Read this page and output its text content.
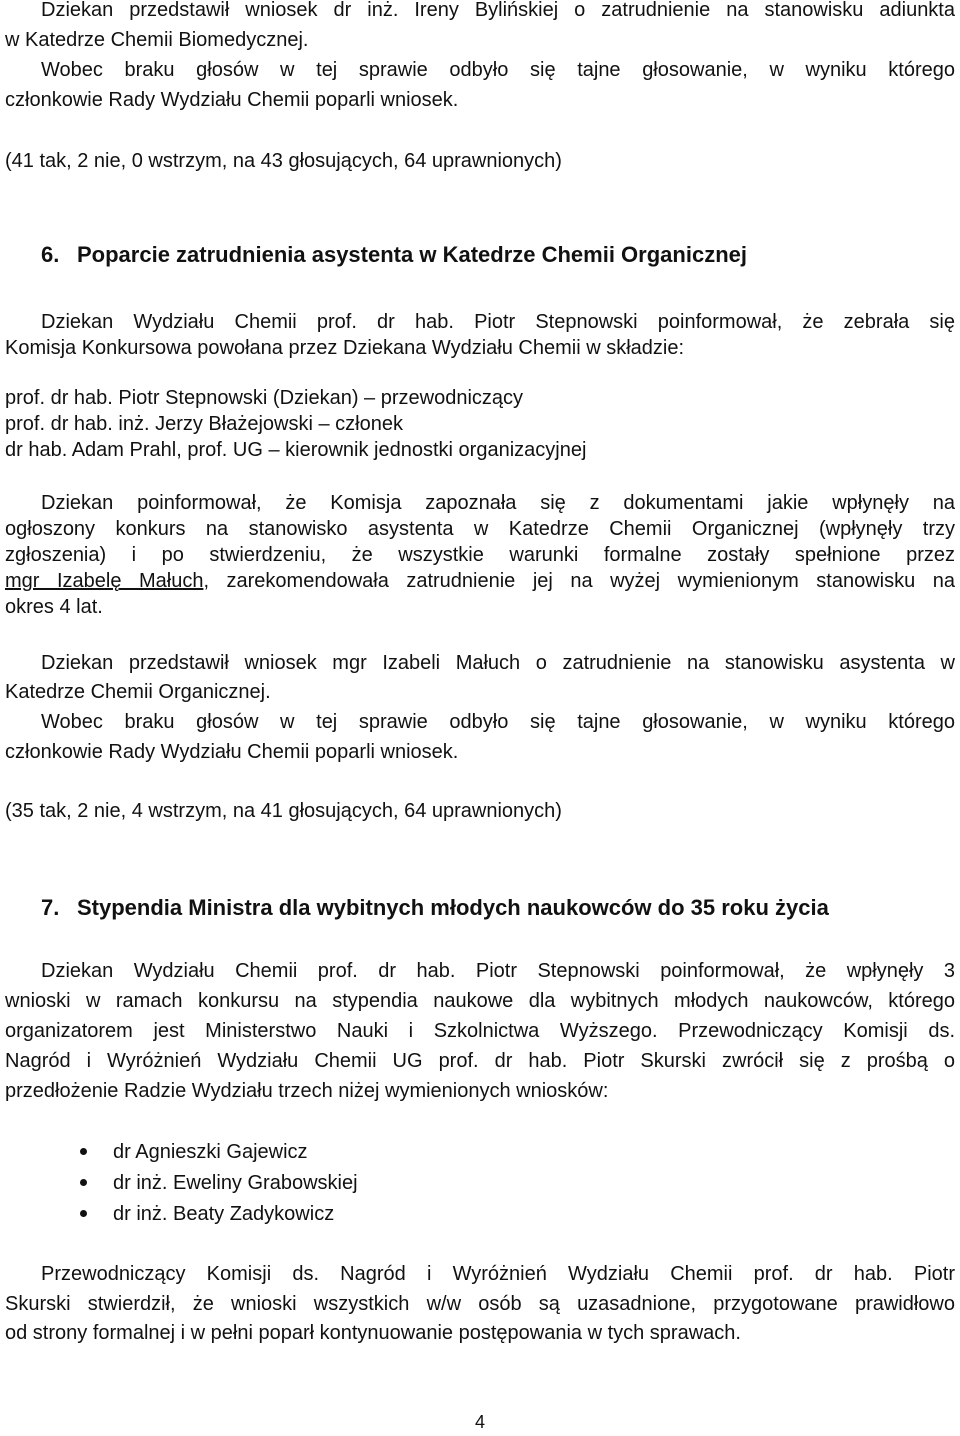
Dziekan przedstawił wniosek dr inż. Ireny Bylińskiej o zatrudnienie na stanowisku adiunkta
w Katedrze Chemii Biomedycznej.
Wobec braku głosów w tej sprawie odbyło się tajne głosowanie, w wyniku którego
członkowie Rady Wydziału Chemii poparli wniosek.
(41 tak, 2 nie, 0 wstrzym, na 43 głosujących, 64 uprawnionych)
6. Poparcie zatrudnienia asystenta w Katedrze Chemii Organicznej
Dziekan Wydziału Chemii prof. dr hab. Piotr Stepnowski poinformował, że zebrała się
Komisja Konkursowa powołana przez Dziekana Wydziału Chemii w składzie:
prof. dr hab. Piotr Stepnowski (Dziekan) – przewodniczący
prof. dr hab. inż. Jerzy Błażejowski – członek
dr hab. Adam Prahl, prof. UG – kierownik jednostki organizacyjnej
Dziekan poinformował, że Komisja zapoznała się z dokumentami jakie wpłynęły na
ogłoszony konkurs na stanowisko asystenta w Katedrze Chemii Organicznej (wpłynęły trzy
zgłoszenia) i po stwierdzeniu, że wszystkie warunki formalne zostały spełnione przez
mgr Izabelę Małuch, zarekomendowała zatrudnienie jej na wyżej wymienionym stanowisku na
okres 4 lat.
Dziekan przedstawił wniosek mgr Izabeli Małuch o zatrudnienie na stanowisku asystenta w
Katedrze Chemii Organicznej.
Wobec braku głosów w tej sprawie odbyło się tajne głosowanie, w wyniku którego
członkowie Rady Wydziału Chemii poparli wniosek.
(35 tak, 2 nie, 4 wstrzym, na 41 głosujących, 64 uprawnionych)
7. Stypendia Ministra dla wybitnych młodych naukowców do 35 roku życia
Dziekan Wydziału Chemii prof. dr hab. Piotr Stepnowski poinformował, że wpłynęły 3
wnioski w ramach konkursu na stypendia naukowe dla wybitnych młodych naukowców, którego
organizatorem jest Ministerstwo Nauki i Szkolnictwa Wyższego. Przewodniczący Komisji ds.
Nagród i Wyróżnień Wydziału Chemii UG prof. dr hab. Piotr Skurski zwrócił się z prośbą o
przedłożenie Radzie Wydziału trzech niżej wymienionych wniosków:
dr Agnieszki Gajewicz
dr inż. Eweliny Grabowskiej
dr inż. Beaty Zadykowicz
Przewodniczący Komisji ds. Nagród i Wyróżnień Wydziału Chemii prof. dr hab. Piotr
Skurski stwierdził, że wnioski wszystkich w/w osób są uzasadnione, przygotowane prawidłowo
od strony formalnej i w pełni poparł kontynuowanie postępowania w tych sprawach.
4
